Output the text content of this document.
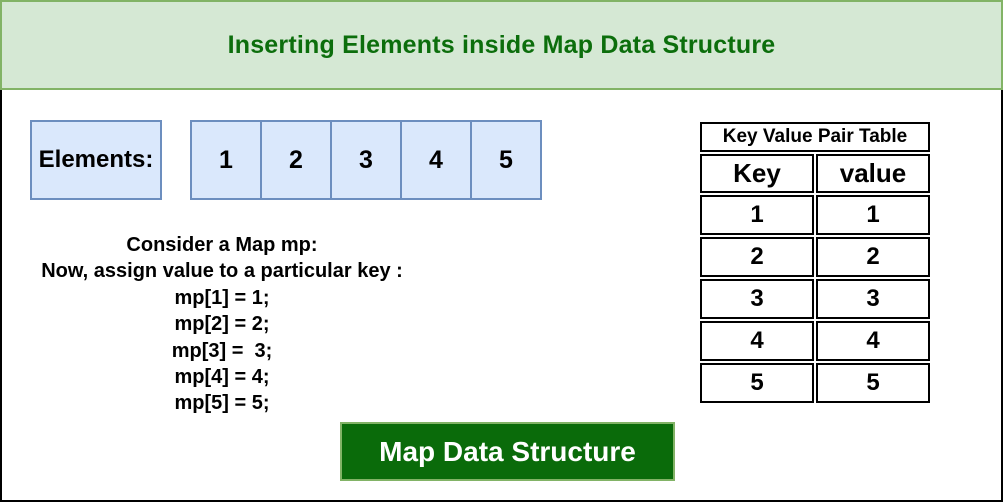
Inserting Elements inside Map Data Structure
Elements:	1	2	3	4	5
Consider a Map mp:
Now, assign value to a particular key :
mp[1] = 1;
mp[2] = 2;
mp[3] =  3;
mp[4] = 4;
mp[5] = 5;
Key Value Pair Table
Key	value
1	1
2	2
3	3
4	4
5	5
Map Data Structure
